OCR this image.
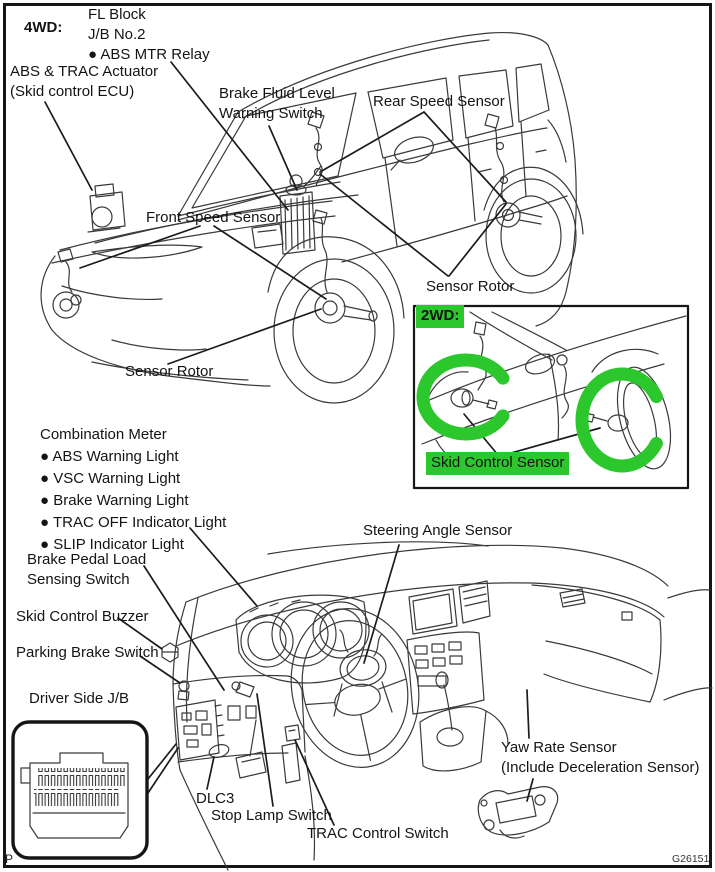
4WD:
FL Block
J/B No.2
● ABS MTR Relay
ABS & TRAC Actuator
(Skid control ECU)	Brake Fluid Level
Warning Switch
Rear Speed Sensor
Front Speed Sensor
Sensor Rotor
Sensor Rotor
2WD:
Skid Control Sensor
Combination Meter
● ABS Warning Light
● VSC Warning Light
● Brake Warning Light
● TRAC OFF Indicator Light
● SLIP Indicator Light
Brake Pedal Load
Sensing Switch
Skid Control Buzzer
Parking Brake Switch
Driver Side J/B
DLC3
Stop Lamp Switch
TRAC Control Switch
Steering Angle Sensor
Yaw Rate Sensor
(Include Deceleration Sensor)
G26151
P
